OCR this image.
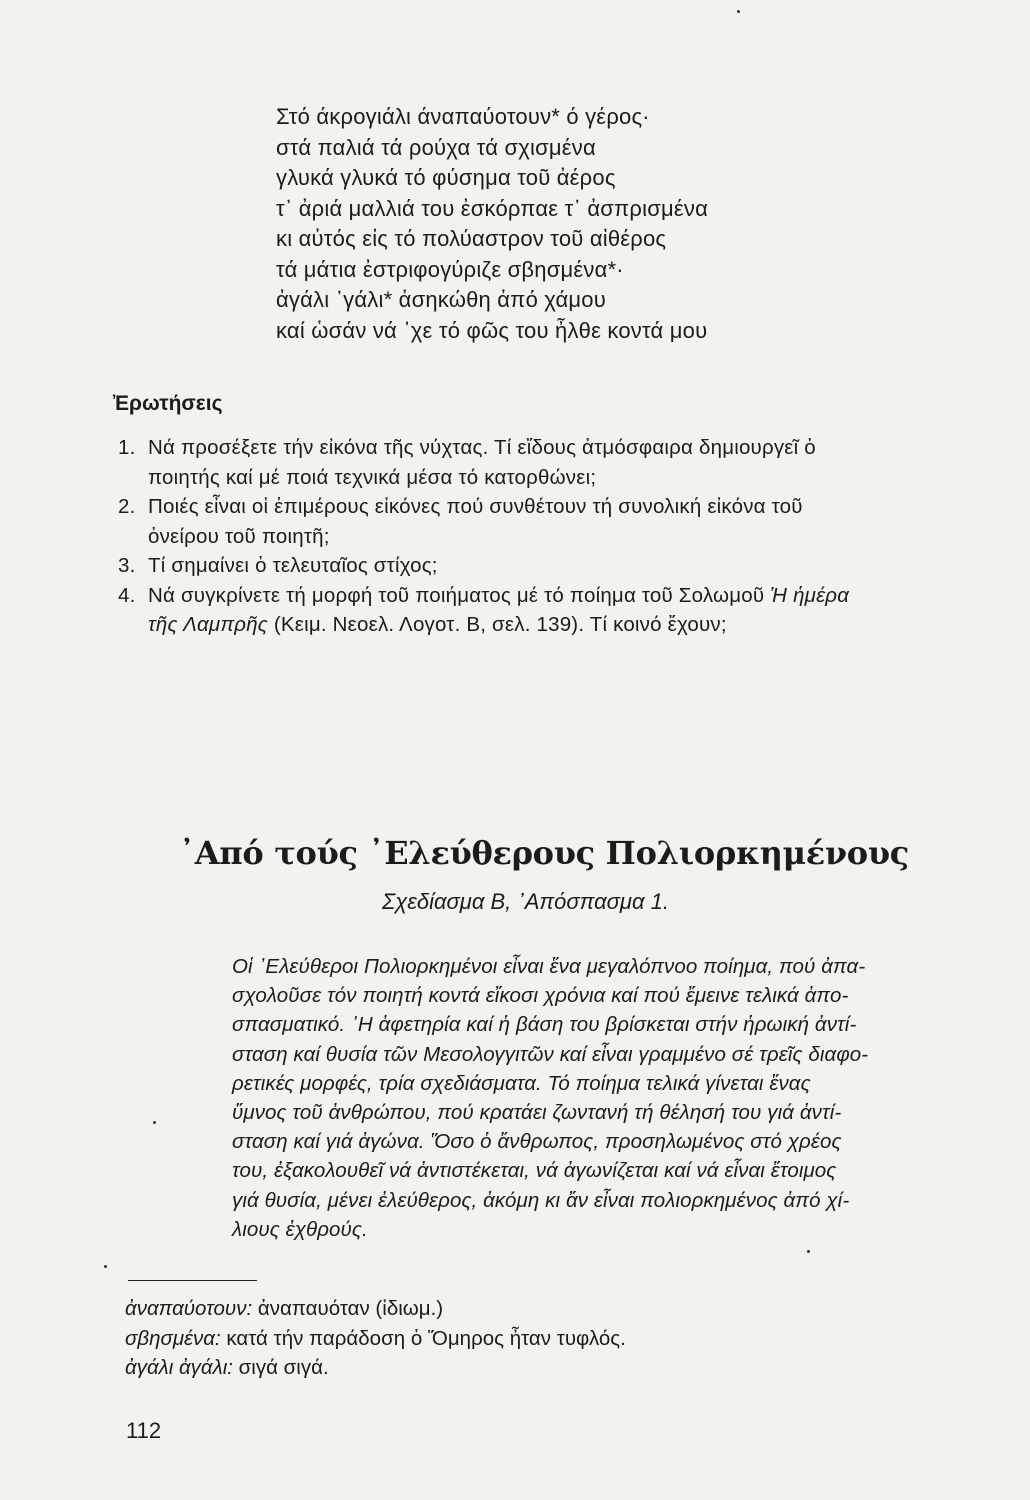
Στό άκρογιάλι άναπαύοτουν* ό γέρος·
στά παλιά τά ρούχα τά σχισμένα
γλυκά γλυκά τό φύσημα τοῦ ἀέρος
τ᾽ ἀριά μαλλιά του ἐσκόρπαε τ᾽ ἀσπρισμένα
κι αὐτός εἰς τό πολύαστρον τοῦ αἰθέρος
τά μάτια ἐστριφογύριζε σβησμένα*·
ἀγάλι ᾽γάλι* ἀσηκώθη ἀπό χάμου
καί ὡσάν νά ᾽χε τό φῶς του ἦλθε κοντά μου
Ἐρωτήσεις
1. Νά προσέξετε τήν εἰκόνα τῆς νύχτας. Τί εἴδους ἀτμόσφαιρα δημιουργεῖ ὁ
ποιητής καί μέ ποιά τεχνικά μέσα τό κατορθώνει;
2. Ποιές εἶναι οἱ ἐπιμέρους εἰκόνες πού συνθέτουν τή συνολική εἰκόνα τοῦ
ὀνείρου τοῦ ποιητῆ;
3. Τί σημαίνει ὁ τελευταῖος στίχος;
4. Νά συγκρίνετε τή μορφή τοῦ ποιήματος μέ τό ποίημα τοῦ Σολωμοῦ Ἡ ἡμέρα
τῆς Λαμπρῆς (Κειμ. Νεοελ. Λογοτ. Β, σελ. 139). Τί κοινό ἔχουν;
᾽Από τούς ᾽Ελεύθερους Πολιορκημένους
Σχεδίασμα Β, ᾽Απόσπασμα 1.
Οἱ ᾽Ελεύθεροι Πολιορκημένοι εἶναι ἕνα μεγαλόπνοο ποίημα, πού ἀπα-
σχολοῦσε τόν ποιητή κοντά εἴκοσι χρόνια καί πού ἔμεινε τελικά ἀπο-
σπασματικό. ᾽Η ἀφετηρία καί ἡ βάση του βρίσκεται στήν ἡρωική ἀντί-
σταση καί θυσία τῶν Μεσολογγιτῶν καί εἶναι γραμμένο σέ τρεῖς διαφο-
ρετικές μορφές, τρία σχεδιάσματα. Τό ποίημα τελικά γίνεται ἕνας
ὕμνος τοῦ ἀνθρώπου, πού κρατάει ζωντανή τή θέλησή του γιά ἀντί-
σταση καί γιά ἀγώνα. Ὅσο ὁ ἄνθρωπος, προσηλωμένος στό χρέος
του, ἐξακολουθεῖ νά ἀντιστέκεται, νά ἀγωνίζεται καί νά εἶναι ἕτοιμος
γιά θυσία, μένει ἐλεύθερος, ἀκόμη κι ἄν εἶναι πολιορκημένος ἀπό χί-
λιους ἐχθρούς.
ἀναπαύοτουν: ἀναπαυόταν (ἰδιωμ.)
σβησμένα: κατά τήν παράδοση ὁ Ὅμηρος ἦταν τυφλός.
ἀγάλι ἀγάλι: σιγά σιγά.
112
